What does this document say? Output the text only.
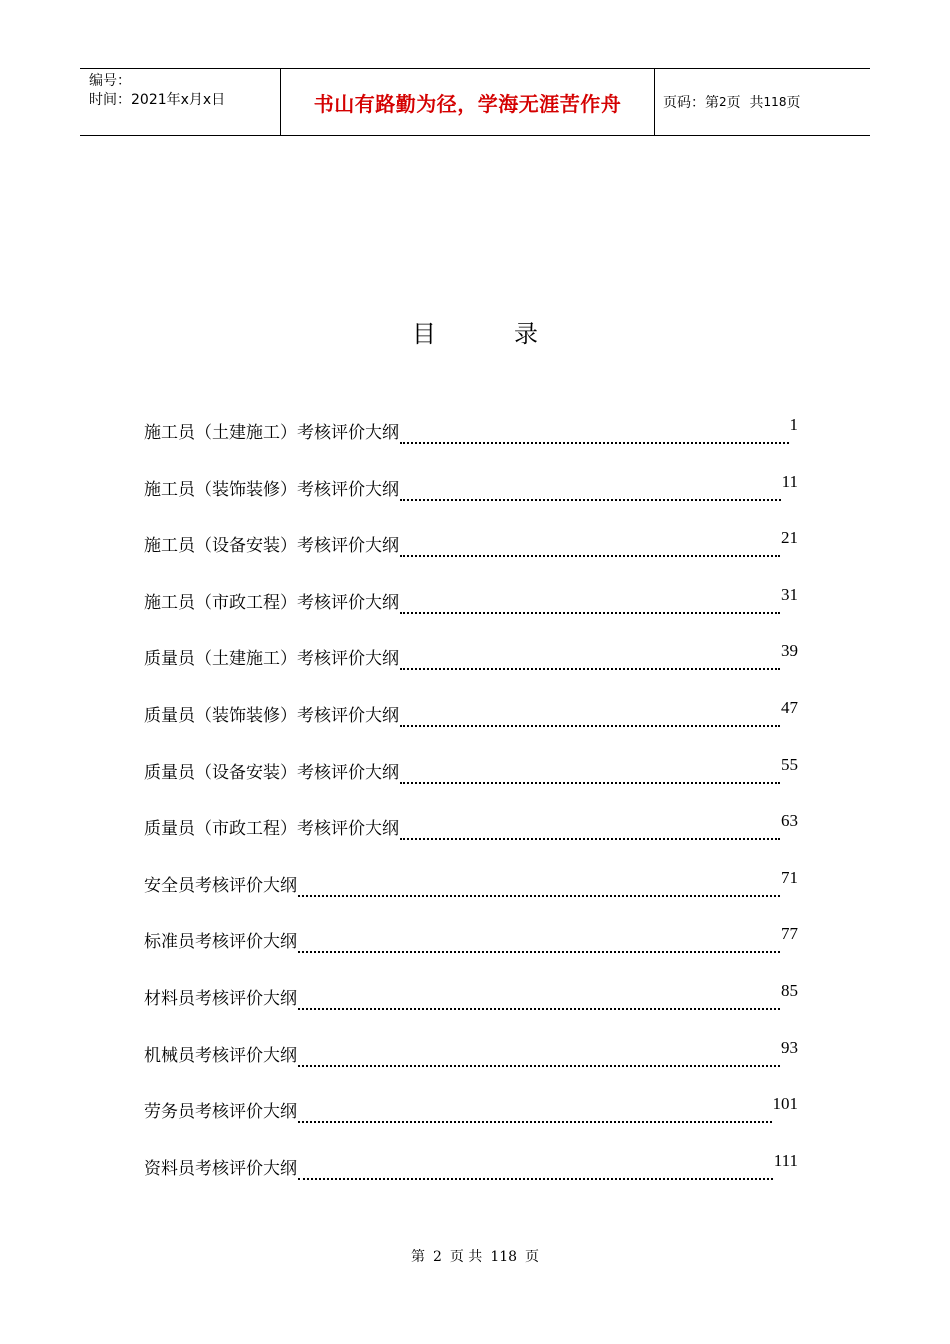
编号：
时间：2021年x月x日	书山有路勤为径，学海无涯苦作舟	页码：第 2 页  共 118 页
目	录
施工员（土建施工）考核评价大纲	1
施工员（装饰装修）考核评价大纲	11
施工员（设备安装）考核评价大纲	21
施工员（市政工程）考核评价大纲	31
质量员（土建施工）考核评价大纲	39
质量员（装饰装修）考核评价大纲	47
质量员（设备安装）考核评价大纲	55
质量员（市政工程）考核评价大纲	63
安全员考核评价大纲	71
标准员考核评价大纲	77
材料员考核评价大纲	85
机械员考核评价大纲	93
劳务员考核评价大纲	101
资料员考核评价大纲	111
第 2 页 共 118 页
